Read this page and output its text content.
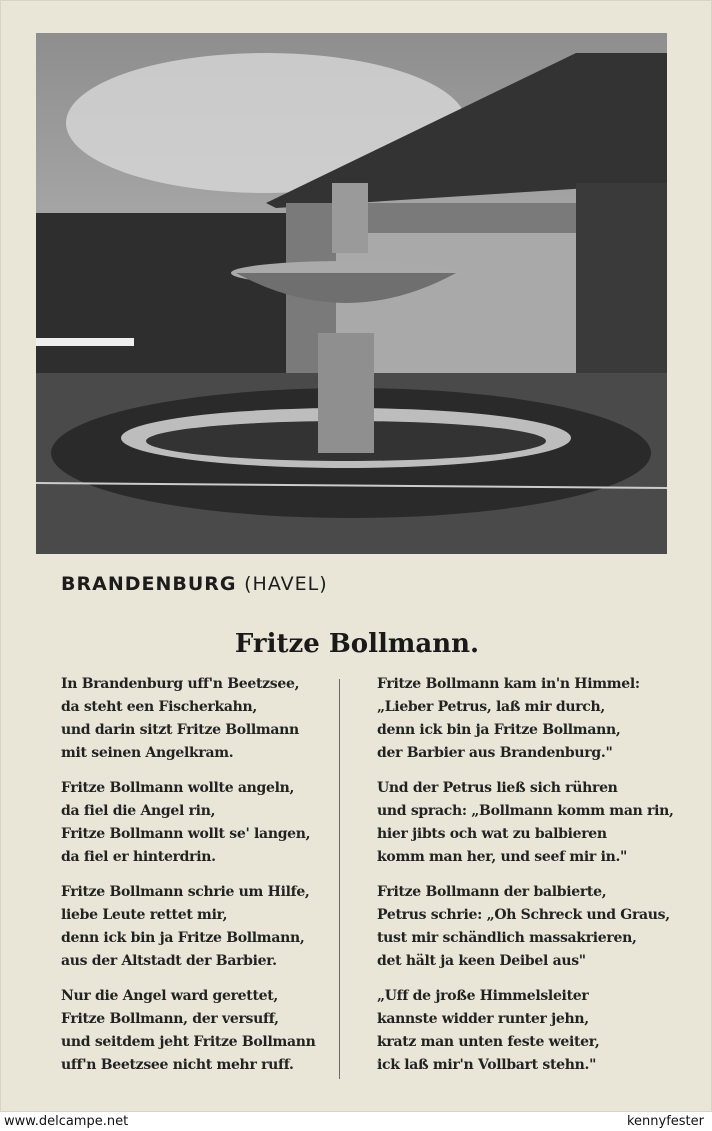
BRANDENBURG (HAVEL)
Fritze Bollmann.
In Brandenburg uff'n Beetzsee,
da steht een Fischerkahn,
und darin sitzt Fritze Bollmann
mit seinen Angelkram.
Fritze Bollmann wollte angeln,
da fiel die Angel rin,
Fritze Bollmann wollt se' langen,
da fiel er hinterdrin.
Fritze Bollmann schrie um Hilfe,
liebe Leute rettet mir,
denn ick bin ja Fritze Bollmann,
aus der Altstadt der Barbier.
Nur die Angel ward gerettet,
Fritze Bollmann, der versuff,
und seitdem jeht Fritze Bollmann
uff'n Beetzsee nicht mehr ruff.
Fritze Bollmann kam in'n Himmel:
„Lieber Petrus, laß mir durch,
denn ick bin ja Fritze Bollmann,
der Barbier aus Brandenburg."
Und der Petrus ließ sich rühren
und sprach: „Bollmann komm man rin,
hier jibts och wat zu balbieren
komm man her, und seef mir in."
Fritze Bollmann der balbierte,
Petrus schrie: „Oh Schreck und Graus,
tust mir schändlich massakrieren,
det hält ja keen Deibel aus"
„Uff de jroße Himmelsleiter
kannste widder runter jehn,
kratz man unten feste weiter,
ick laß mir'n Vollbart stehn."
www.delcampe.net	kennyfester
